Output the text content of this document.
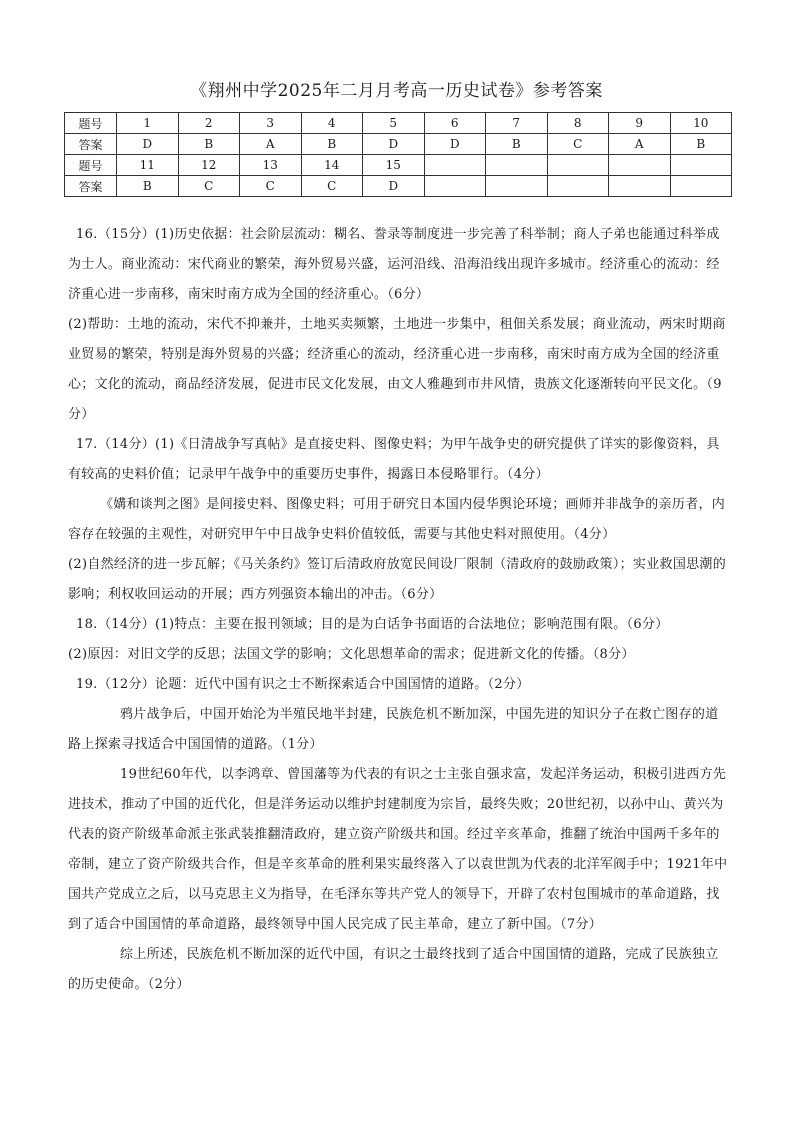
《翔州中学2025年二月月考高一历史试卷》参考答案
题号	1	2	3	4	5	6	7	8	9	10
答案	D	B	A	B	D	D	B	C	A	B
题号	11	12	13	14	15					
答案	B	C	C	C	D					

16.（15分）(1)历史依据：社会阶层流动：糊名、誊录等制度进一步完善了科举制；商人子弟也能通过科举成为士人。商业流动：宋代商业的繁荣，海外贸易兴盛，运河沿线、沿海沿线出现许多城市。经济重心的流动：经济重心进一步南移，南宋时南方成为全国的经济重心。（6分）

(2)帮助：土地的流动，宋代不抑兼并，土地买卖频繁，土地进一步集中，租佃关系发展；商业流动，两宋时期商业贸易的繁荣，特别是海外贸易的兴盛；经济重心的流动，经济重心进一步南移，南宋时南方成为全国的经济重心；文化的流动，商品经济发展，促进市民文化发展，由文人雅趣到市井风情，贵族文化逐渐转向平民文化。（9分）

17.（14分）(1)《日清战争写真帖》是直接史料、图像史料；为甲午战争史的研究提供了详实的影像资料，具有较高的史料价值；记录甲午战争中的重要历史事件，揭露日本侵略罪行。（4分）

《媾和谈判之图》是间接史料、图像史料；可用于研究日本国内侵华舆论环境；画师并非战争的亲历者，内容存在较强的主观性，对研究甲午中日战争史料价值较低，需要与其他史料对照使用。（4分）

(2)自然经济的进一步瓦解；《马关条约》签订后清政府放宽民间设厂限制（清政府的鼓励政策）；实业救国思潮的影响；利权收回运动的开展；西方列强资本输出的冲击。（6分）

18.（14分）(1)特点：主要在报刊领域；目的是为白话争书面语的合法地位；影响范围有限。（6分）

(2)原因：对旧文学的反思；法国文学的影响；文化思想革命的需求；促进新文化的传播。（8分）

19.（12分）论题：近代中国有识之士不断探索适合中国国情的道路。（2分）

鸦片战争后，中国开始沦为半殖民地半封建，民族危机不断加深，中国先进的知识分子在救亡图存的道路上探索寻找适合中国国情的道路。（1分）

19世纪60年代，以李鸿章、曾国藩等为代表的有识之士主张自强求富，发起洋务运动，积极引进西方先进技术，推动了中国的近代化，但是洋务运动以维护封建制度为宗旨，最终失败；20世纪初，以孙中山、黄兴为代表的资产阶级革命派主张武装推翻清政府，建立资产阶级共和国。经过辛亥革命，推翻了统治中国两千多年的帝制，建立了资产阶级共合作，但是辛亥革命的胜利果实最终落入了以袁世凯为代表的北洋军阀手中；1921年中国共产党成立之后，以马克思主义为指导，在毛泽东等共产党人的领导下，开辟了农村包围城市的革命道路，找到了适合中国国情的革命道路，最终领导中国人民完成了民主革命，建立了新中国。（7分）

综上所述，民族危机不断加深的近代中国，有识之士最终找到了适合中国国情的道路，完成了民族独立的历史使命。（2分）
